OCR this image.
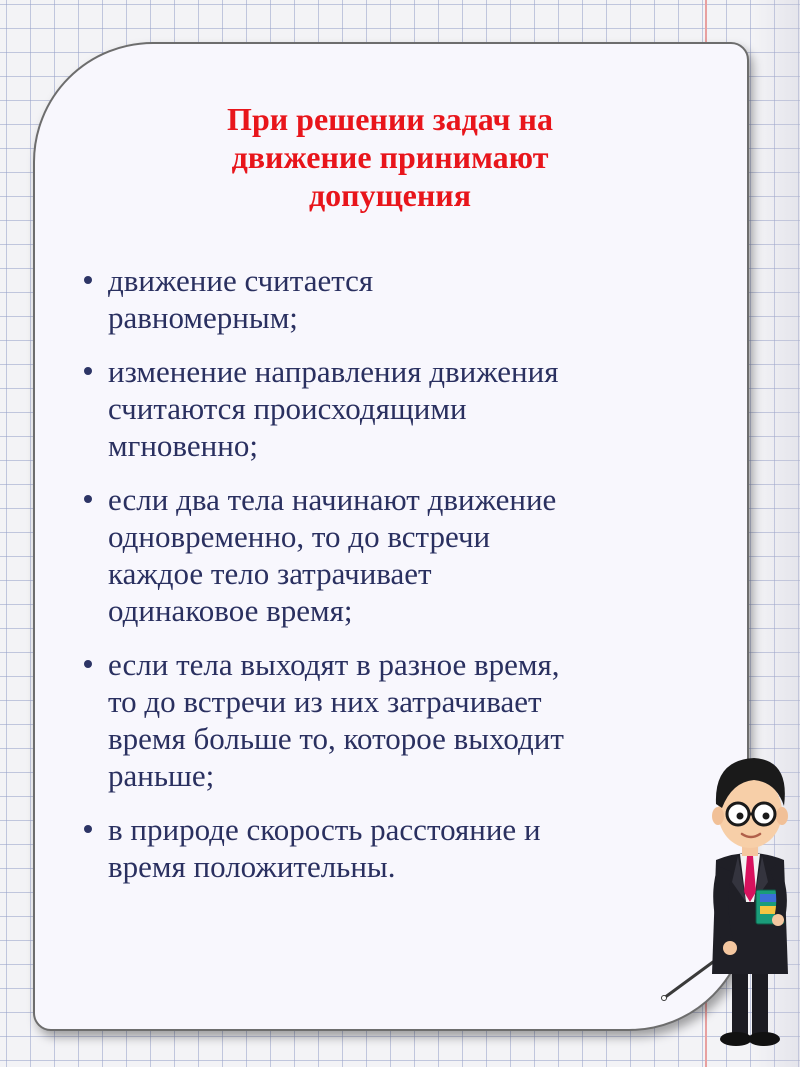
При решении задач на
движение принимают
допущения
движение считается
равномерным;
изменение направления движения
считаются происходящими
мгновенно;
если два тела начинают движение
одновременно, то до встречи
каждое тело затрачивает
одинаковое время;
если тела выходят в разное время,
то до встречи из них затрачивает
время больше то, которое выходит
раньше;
в природе скорость расстояние и
время положительны.
